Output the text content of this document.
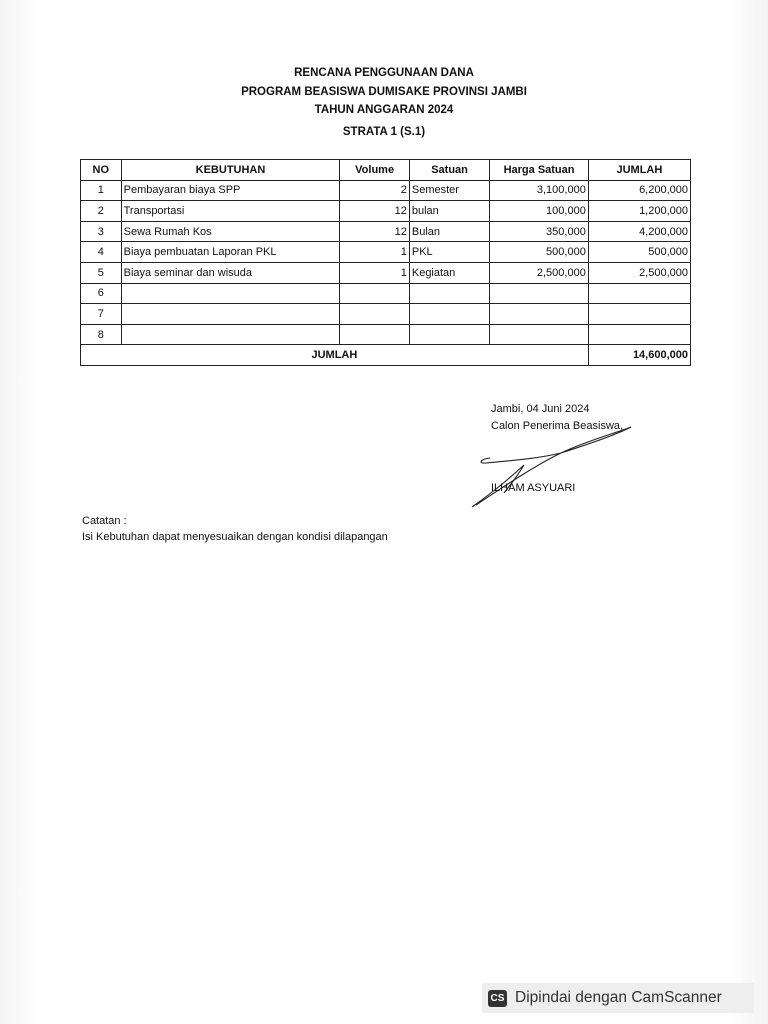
RENCANA PENGGUNAAN DANA
PROGRAM BEASISWA DUMISAKE PROVINSI JAMBI
TAHUN ANGGARAN 2024
STRATA 1 (S.1)
NO	KEBUTUHAN	Volume	Satuan	Harga Satuan	JUMLAH
1	Pembayaran biaya SPP	2	Semester	3,100,000	6,200,000
2	Transportasi	12	bulan	100,000	1,200,000
3	Sewa Rumah Kos	12	Bulan	350,000	4,200,000
4	Biaya pembuatan Laporan PKL	1	PKL	500,000	500,000
5	Biaya seminar dan wisuda	1	Kegiatan	2,500,000	2,500,000
6					
7					
8					
JUMLAH					14,600,000
Jambi, 04 Juni 2024
Calon Penerima Beasiswa,
ILHAM ASYUARI
Catatan :
Isi Kebutuhan dapat menyesuaikan dengan kondisi dilapangan
CS Dipindai dengan CamScanner
